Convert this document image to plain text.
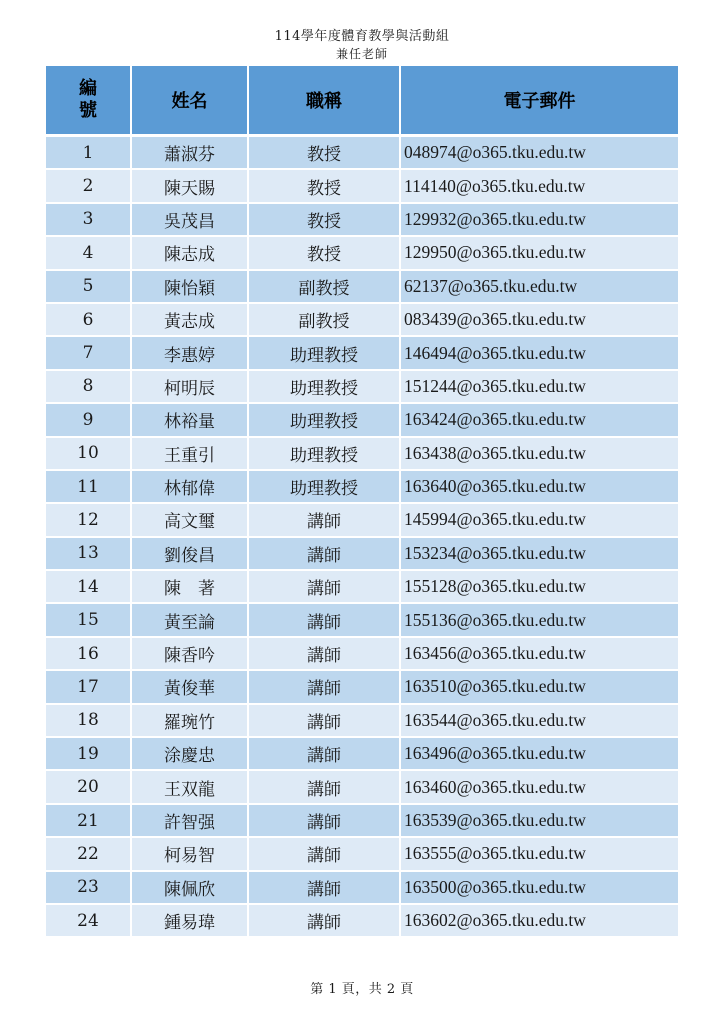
114學年度體育教學與活動組
兼任老師
編號	姓名	職稱	電子郵件
1	蕭淑芬	教授	048974@o365.tku.edu.tw
2	陳天賜	教授	114140@o365.tku.edu.tw
3	吳茂昌	教授	129932@o365.tku.edu.tw
4	陳志成	教授	129950@o365.tku.edu.tw
5	陳怡穎	副教授	62137@o365.tku.edu.tw
6	黃志成	副教授	083439@o365.tku.edu.tw
7	李惠婷	助理教授	146494@o365.tku.edu.tw
8	柯明辰	助理教授	151244@o365.tku.edu.tw
9	林裕量	助理教授	163424@o365.tku.edu.tw
10	王重引	助理教授	163438@o365.tku.edu.tw
11	林郁偉	助理教授	163640@o365.tku.edu.tw
12	高文璽	講師	145994@o365.tku.edu.tw
13	劉俊昌	講師	153234@o365.tku.edu.tw
14	陳　著	講師	155128@o365.tku.edu.tw
15	黃至論	講師	155136@o365.tku.edu.tw
16	陳香吟	講師	163456@o365.tku.edu.tw
17	黃俊華	講師	163510@o365.tku.edu.tw
18	羅琬竹	講師	163544@o365.tku.edu.tw
19	涂慶忠	講師	163496@o365.tku.edu.tw
20	王双龍	講師	163460@o365.tku.edu.tw
21	許智强	講師	163539@o365.tku.edu.tw
22	柯易智	講師	163555@o365.tku.edu.tw
23	陳佩欣	講師	163500@o365.tku.edu.tw
24	鍾易瑋	講師	163602@o365.tku.edu.tw
第 1 頁，共 2 頁
